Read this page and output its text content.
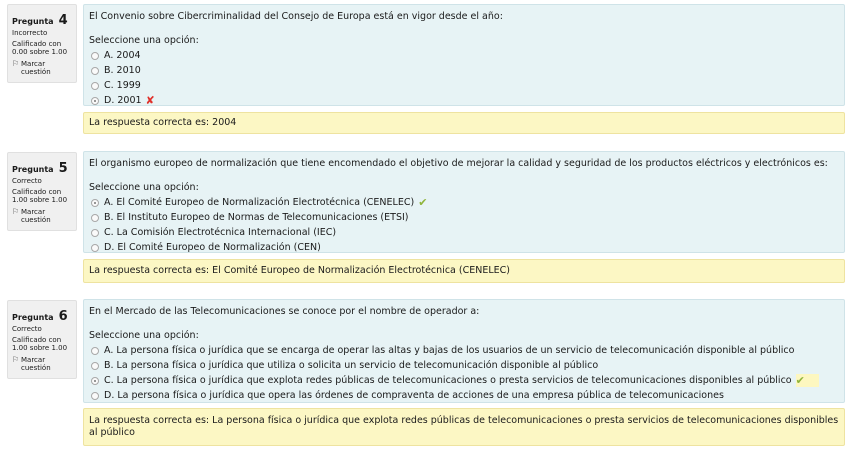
Pregunta 4
Incorrecto
Calificado con 0.00 sobre 1.00
⚐ Marcar cuestión
El Convenio sobre Cibercriminalidad del Consejo de Europa está en vigor desde el año:
Seleccione una opción:
A. 2004
B. 2010
C. 1999
D. 2001 ✘
La respuesta correcta es: 2004
Pregunta 5
Correcto
Calificado con 1.00 sobre 1.00
⚐ Marcar cuestión
El organismo europeo de normalización que tiene encomendado el objetivo de mejorar la calidad y seguridad de los productos eléctricos y electrónicos es:
Seleccione una opción:
A. El Comité Europeo de Normalización Electrotécnica (CENELEC) ✔
B. El Instituto Europeo de Normas de Telecomunicaciones (ETSI)
C. La Comisión Electrotécnica Internacional (IEC)
D. El Comité Europeo de Normalización (CEN)
La respuesta correcta es: El Comité Europeo de Normalización Electrotécnica (CENELEC)
Pregunta 6
Correcto
Calificado con 1.00 sobre 1.00
⚐ Marcar cuestión
En el Mercado de las Telecomunicaciones se conoce por el nombre de operador a:
Seleccione una opción:
A. La persona física o jurídica que se encarga de operar las altas y bajas de los usuarios de un servicio de telecomunicación disponible al público
B. La persona física o jurídica que utiliza o solicita un servicio de telecomunicación disponible al público
C. La persona física o jurídica que explota redes públicas de telecomunicaciones o presta servicios de telecomunicaciones disponibles al público ✔
D. La persona física o jurídica que opera las órdenes de compraventa de acciones de una empresa pública de telecomunicaciones
La respuesta correcta es: La persona física o jurídica que explota redes públicas de telecomunicaciones o presta servicios de telecomunicaciones disponibles al público
